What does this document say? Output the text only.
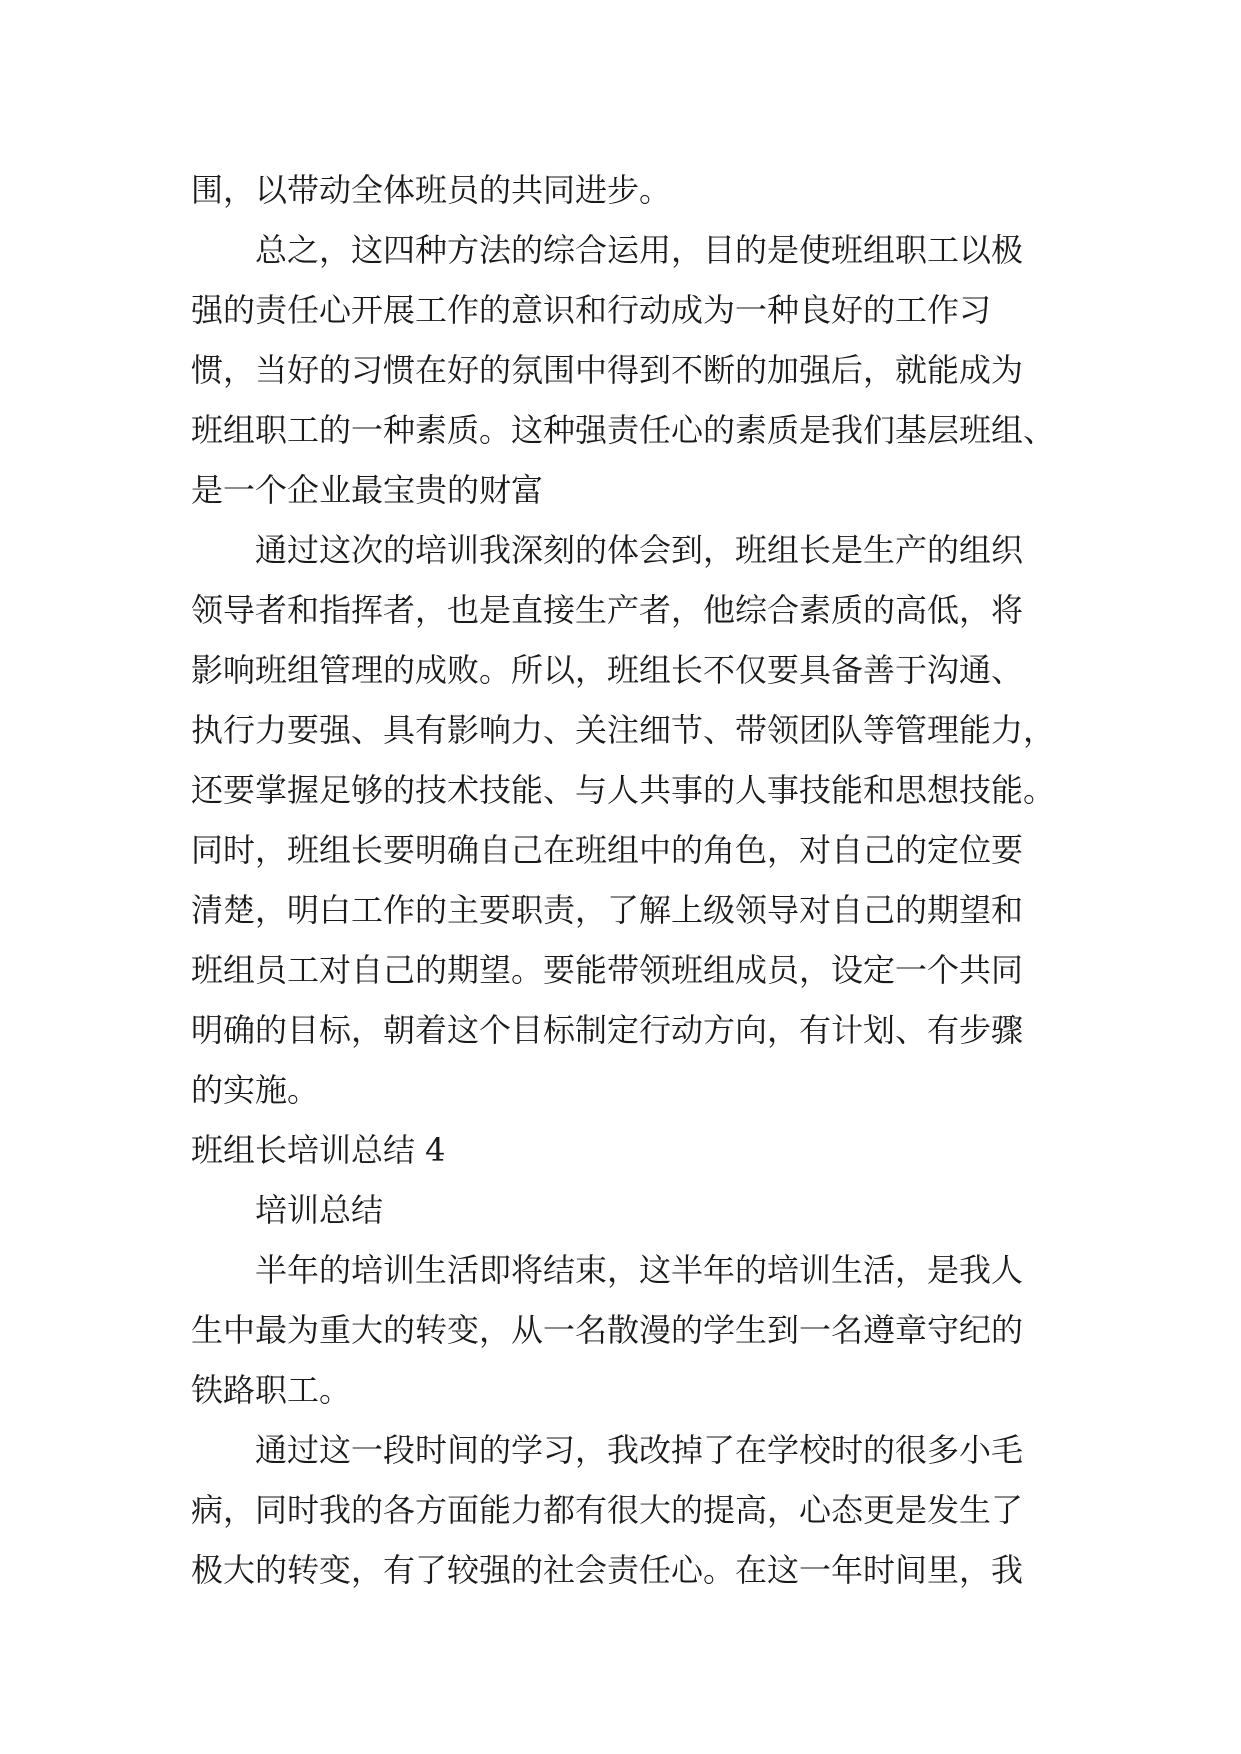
围，以带动全体班员的共同进步。
总之，这四种方法的综合运用，目的是使班组职工以极
强的责任心开展工作的意识和行动成为一种良好的工作习
惯，当好的习惯在好的氛围中得到不断的加强后，就能成为
班组职工的一种素质。这种强责任心的素质是我们基层班组、
是一个企业最宝贵的财富
通过这次的培训我深刻的体会到，班组长是生产的组织
领导者和指挥者，也是直接生产者，他综合素质的高低，将
影响班组管理的成败。所以，班组长不仅要具备善于沟通、
执行力要强、具有影响力、关注细节、带领团队等管理能力，
还要掌握足够的技术技能、与人共事的人事技能和思想技能。
同时，班组长要明确自己在班组中的角色，对自己的定位要
清楚，明白工作的主要职责，了解上级领导对自己的期望和
班组员工对自己的期望。要能带领班组成员，设定一个共同
明确的目标，朝着这个目标制定行动方向，有计划、有步骤
的实施。
班组长培训总结 4
培训总结
半年的培训生活即将结束，这半年的培训生活，是我人
生中最为重大的转变，从一名散漫的学生到一名遵章守纪的
铁路职工。
通过这一段时间的学习，我改掉了在学校时的很多小毛
病，同时我的各方面能力都有很大的提高，心态更是发生了
极大的转变，有了较强的社会责任心。在这一年时间里，我
